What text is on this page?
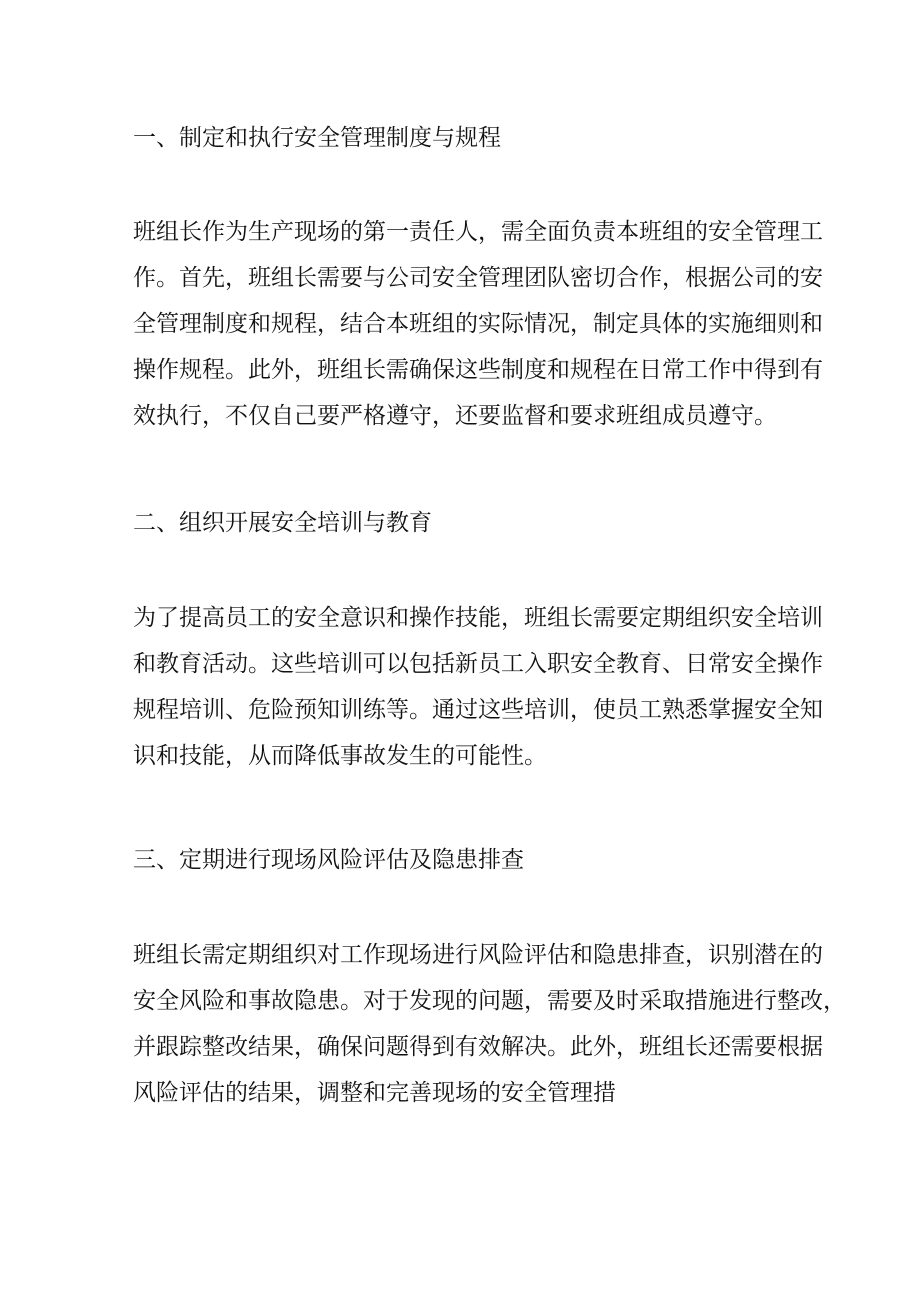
一、制定和执行安全管理制度与规程
班组长作为生产现场的第一责任人，需全面负责本班组的安全管理工
作。首先，班组长需要与公司安全管理团队密切合作，根据公司的安
全管理制度和规程，结合本班组的实际情况，制定具体的实施细则和
操作规程。此外，班组长需确保这些制度和规程在日常工作中得到有
效执行，不仅自己要严格遵守，还要监督和要求班组成员遵守。
二、组织开展安全培训与教育
为了提高员工的安全意识和操作技能，班组长需要定期组织安全培训
和教育活动。这些培训可以包括新员工入职安全教育、日常安全操作
规程培训、危险预知训练等。通过这些培训，使员工熟悉掌握安全知
识和技能，从而降低事故发生的可能性。
三、定期进行现场风险评估及隐患排查
班组长需定期组织对工作现场进行风险评估和隐患排查，识别潜在的
安全风险和事故隐患。对于发现的问题，需要及时采取措施进行整改，
并跟踪整改结果，确保问题得到有效解决。此外，班组长还需要根据
风险评估的结果，调整和完善现场的安全管理措
